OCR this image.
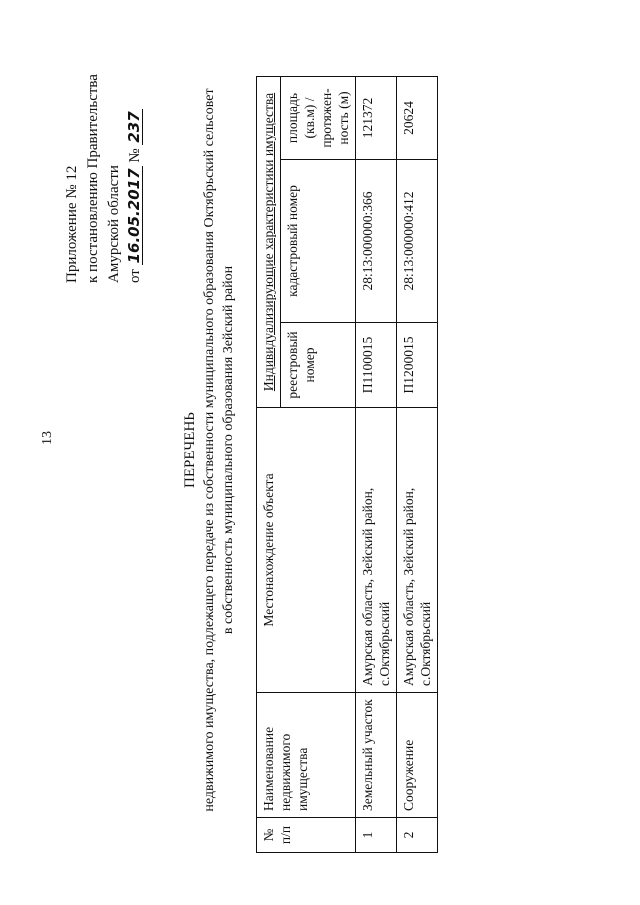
13
Приложение № 12 к постановлению Правительства Амурской области от 16.05.2017 № 237
ПЕРЕЧЕНЬ недвижимого имущества, подлежащего передаче из собственности муниципального образования Октябрьский сельсовет в собственность муниципального образования Зейский район
№ п/п	Наименование недвижимого имущества	Местонахождение объекта	Индивидуализирующие характеристики имущества		
			реестровый номер	кадастровый номер	площадь (кв.м) / протяжен-ность (м)
1	Земельный участок	Амурская область, Зейский район, с.Октябрьский	П1100015	28:13:000000:366	121372
2	Сооружение	Амурская область, Зейский район, с.Октябрьский	П1200015	28:13:000000:412	20624
